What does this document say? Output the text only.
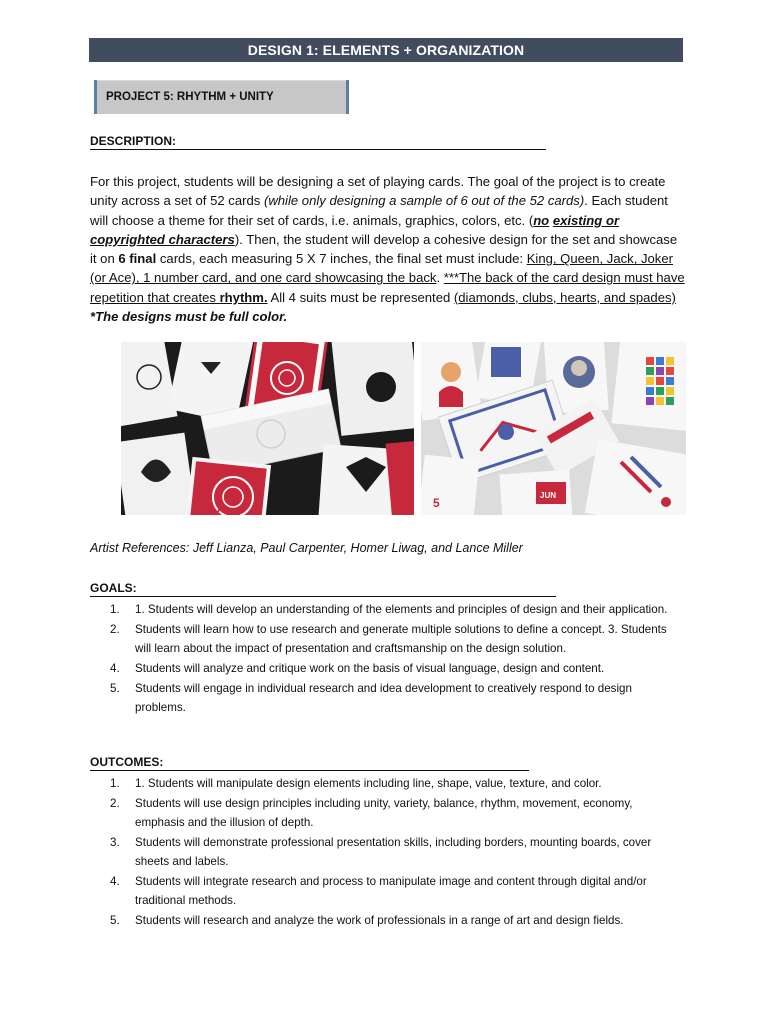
DESIGN 1: ELEMENTS + ORGANIZATION
PROJECT 5: RHYTHM + UNITY
DESCRIPTION:
For this project, students will be designing a set of playing cards. The goal of the project is to create unity across a set of 52 cards (while only designing a sample of 6 out of the 52 cards). Each student will choose a theme for their set of cards, i.e. animals, graphics, colors, etc. (no existing or copyrighted characters). Then, the student will develop a cohesive design for the set and showcase it on 6 final cards, each measuring 5 X 7 inches, the final set must include: King, Queen, Jack, Joker (or Ace), 1 number card, and one card showcasing the back. ***The back of the card design must have repetition that creates rhythm. All 4 suits must be represented (diamonds, clubs, hearts, and spades) *The designs must be full color.
A	5
JUN
Artist References: Jeff Lianza, Paul Carpenter, Homer Liwag, and Lance Miller
GOALS:
1. 1. Students will develop an understanding of the elements and principles of design and their application.
2. Students will learn how to use research and generate multiple solutions to define a concept. 3. Students will learn about the impact of presentation and craftsmanship on the design solution.
4. Students will analyze and critique work on the basis of visual language, design and content.
5. Students will engage in individual research and idea development to creatively respond to design problems.
OUTCOMES:
1. 1. Students will manipulate design elements including line, shape, value, texture, and color.
2. Students will use design principles including unity, variety, balance, rhythm, movement, economy, emphasis and the illusion of depth.
3. Students will demonstrate professional presentation skills, including borders, mounting boards, cover sheets and labels.
4. Students will integrate research and process to manipulate image and content through digital and/or traditional methods.
5. Students will research and analyze the work of professionals in a range of art and design fields.
